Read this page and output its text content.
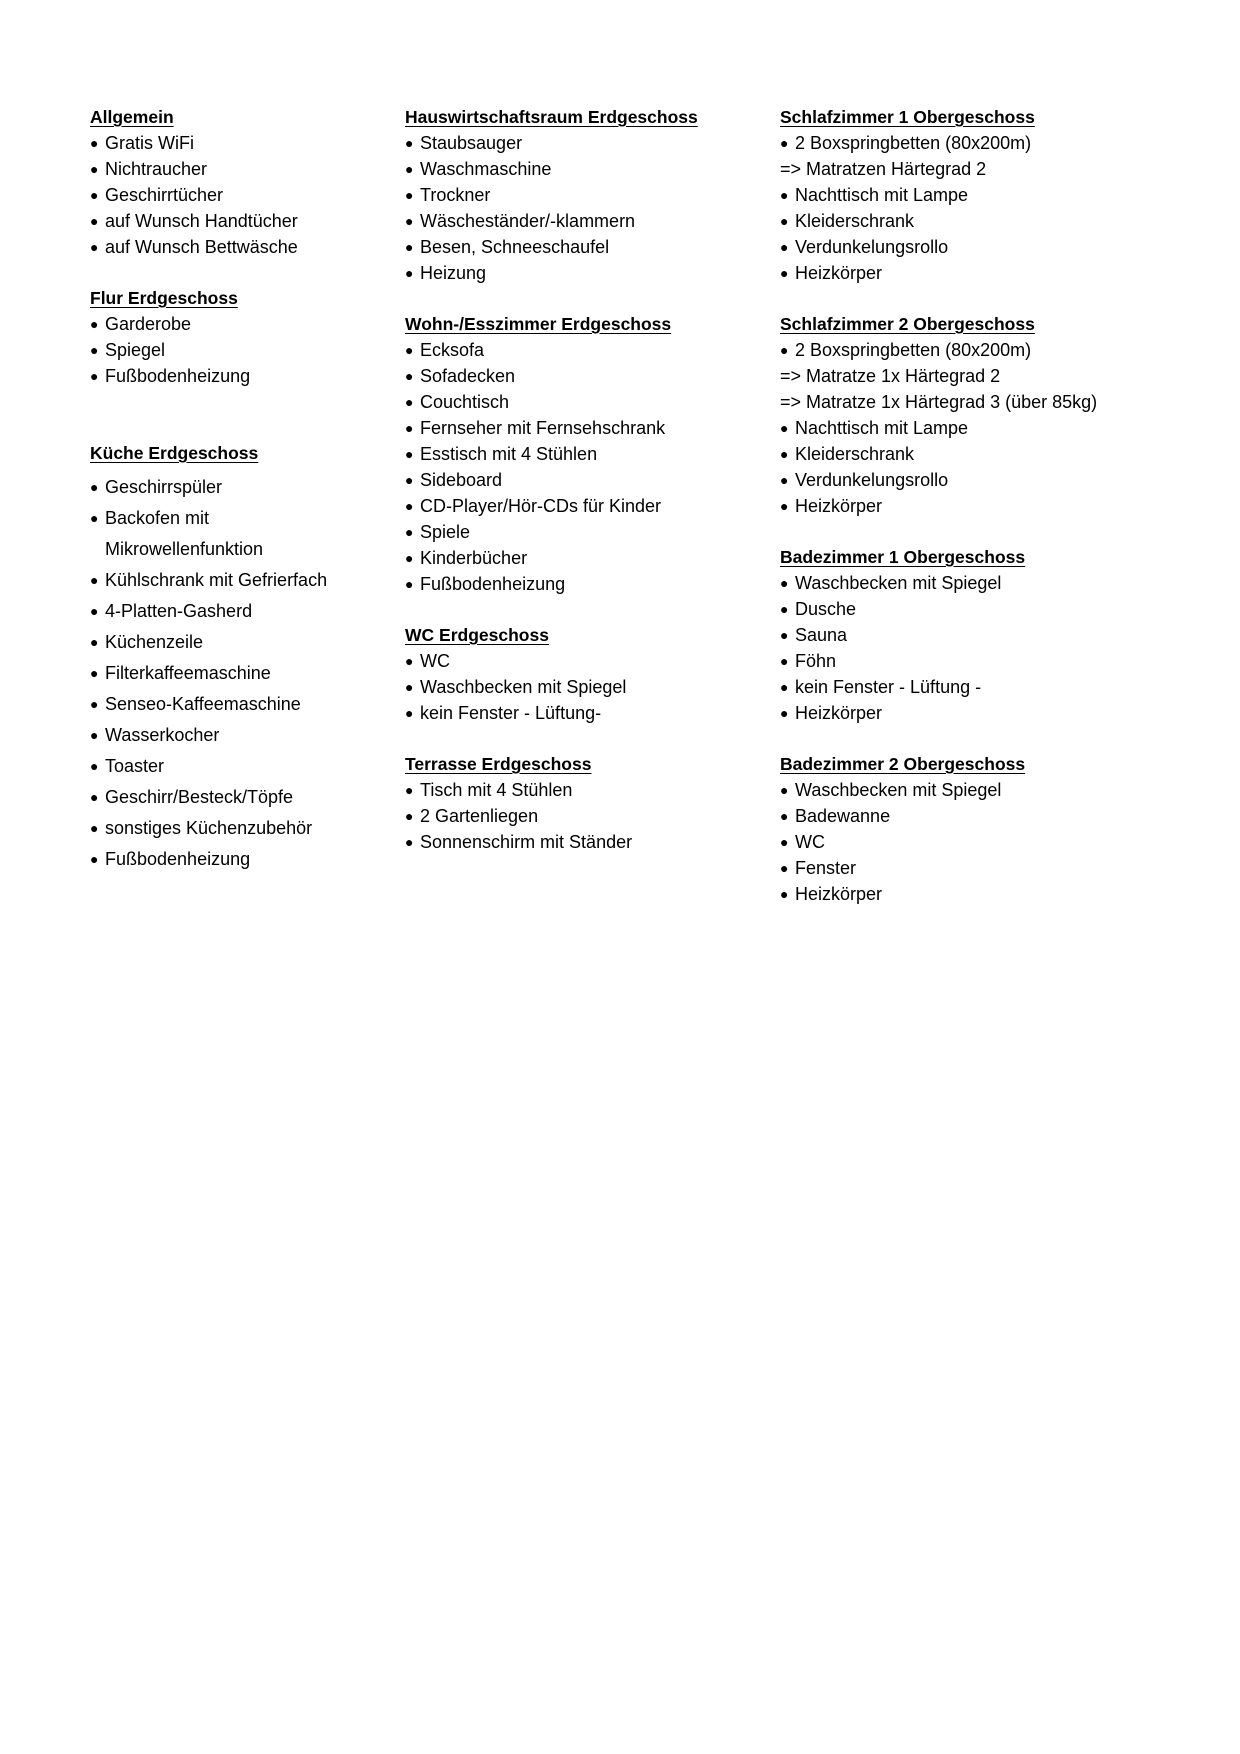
Allgemein
● Gratis WiFi
● Nichtraucher
● Geschirrtücher
● auf Wunsch Handtücher
● auf Wunsch Bettwäsche
Flur Erdgeschoss
● Garderobe
● Spiegel
● Fußbodenheizung
Küche Erdgeschoss
● Geschirrspüler
● Backofen mit Mikrowellenfunktion
● Kühlschrank mit Gefrierfach
● 4-Platten-Gasherd
● Küchenzeile
● Filterkaffeemaschine
● Senseo-Kaffeemaschine
● Wasserkocher
● Toaster
● Geschirr/Besteck/Töpfe
● sonstiges Küchenzubehör
● Fußbodenheizung
Hauswirtschaftsraum Erdgeschoss
● Staubsauger
● Waschmaschine
● Trockner
● Wäscheständer/-klammern
● Besen, Schneeschaufel
● Heizung
Wohn-/Esszimmer Erdgeschoss
● Ecksofa
● Sofadecken
● Couchtisch
● Fernseher mit Fernsehschrank
● Esstisch mit 4 Stühlen
● Sideboard
● CD-Player/Hör-CDs für Kinder
● Spiele
● Kinderbücher
● Fußbodenheizung
WC Erdgeschoss
● WC
● Waschbecken mit Spiegel
● kein Fenster - Lüftung-
Terrasse Erdgeschoss
● Tisch mit 4 Stühlen
● 2 Gartenliegen
● Sonnenschirm mit Ständer
Schlafzimmer 1 Obergeschoss
● 2 Boxspringbetten (80x200m)
=> Matratzen Härtegrad 2
● Nachttisch mit Lampe
● Kleiderschrank
● Verdunkelungsrollo
● Heizkörper
Schlafzimmer 2 Obergeschoss
● 2 Boxspringbetten (80x200m)
=> Matratze 1x Härtegrad 2
=> Matratze 1x Härtegrad 3 (über 85kg)
● Nachttisch mit Lampe
● Kleiderschrank
● Verdunkelungsrollo
● Heizkörper
Badezimmer 1 Obergeschoss
● Waschbecken mit Spiegel
● Dusche
● Sauna
● Föhn
● kein Fenster - Lüftung -
● Heizkörper
Badezimmer 2 Obergeschoss
● Waschbecken mit Spiegel
● Badewanne
● WC
● Fenster
● Heizkörper
